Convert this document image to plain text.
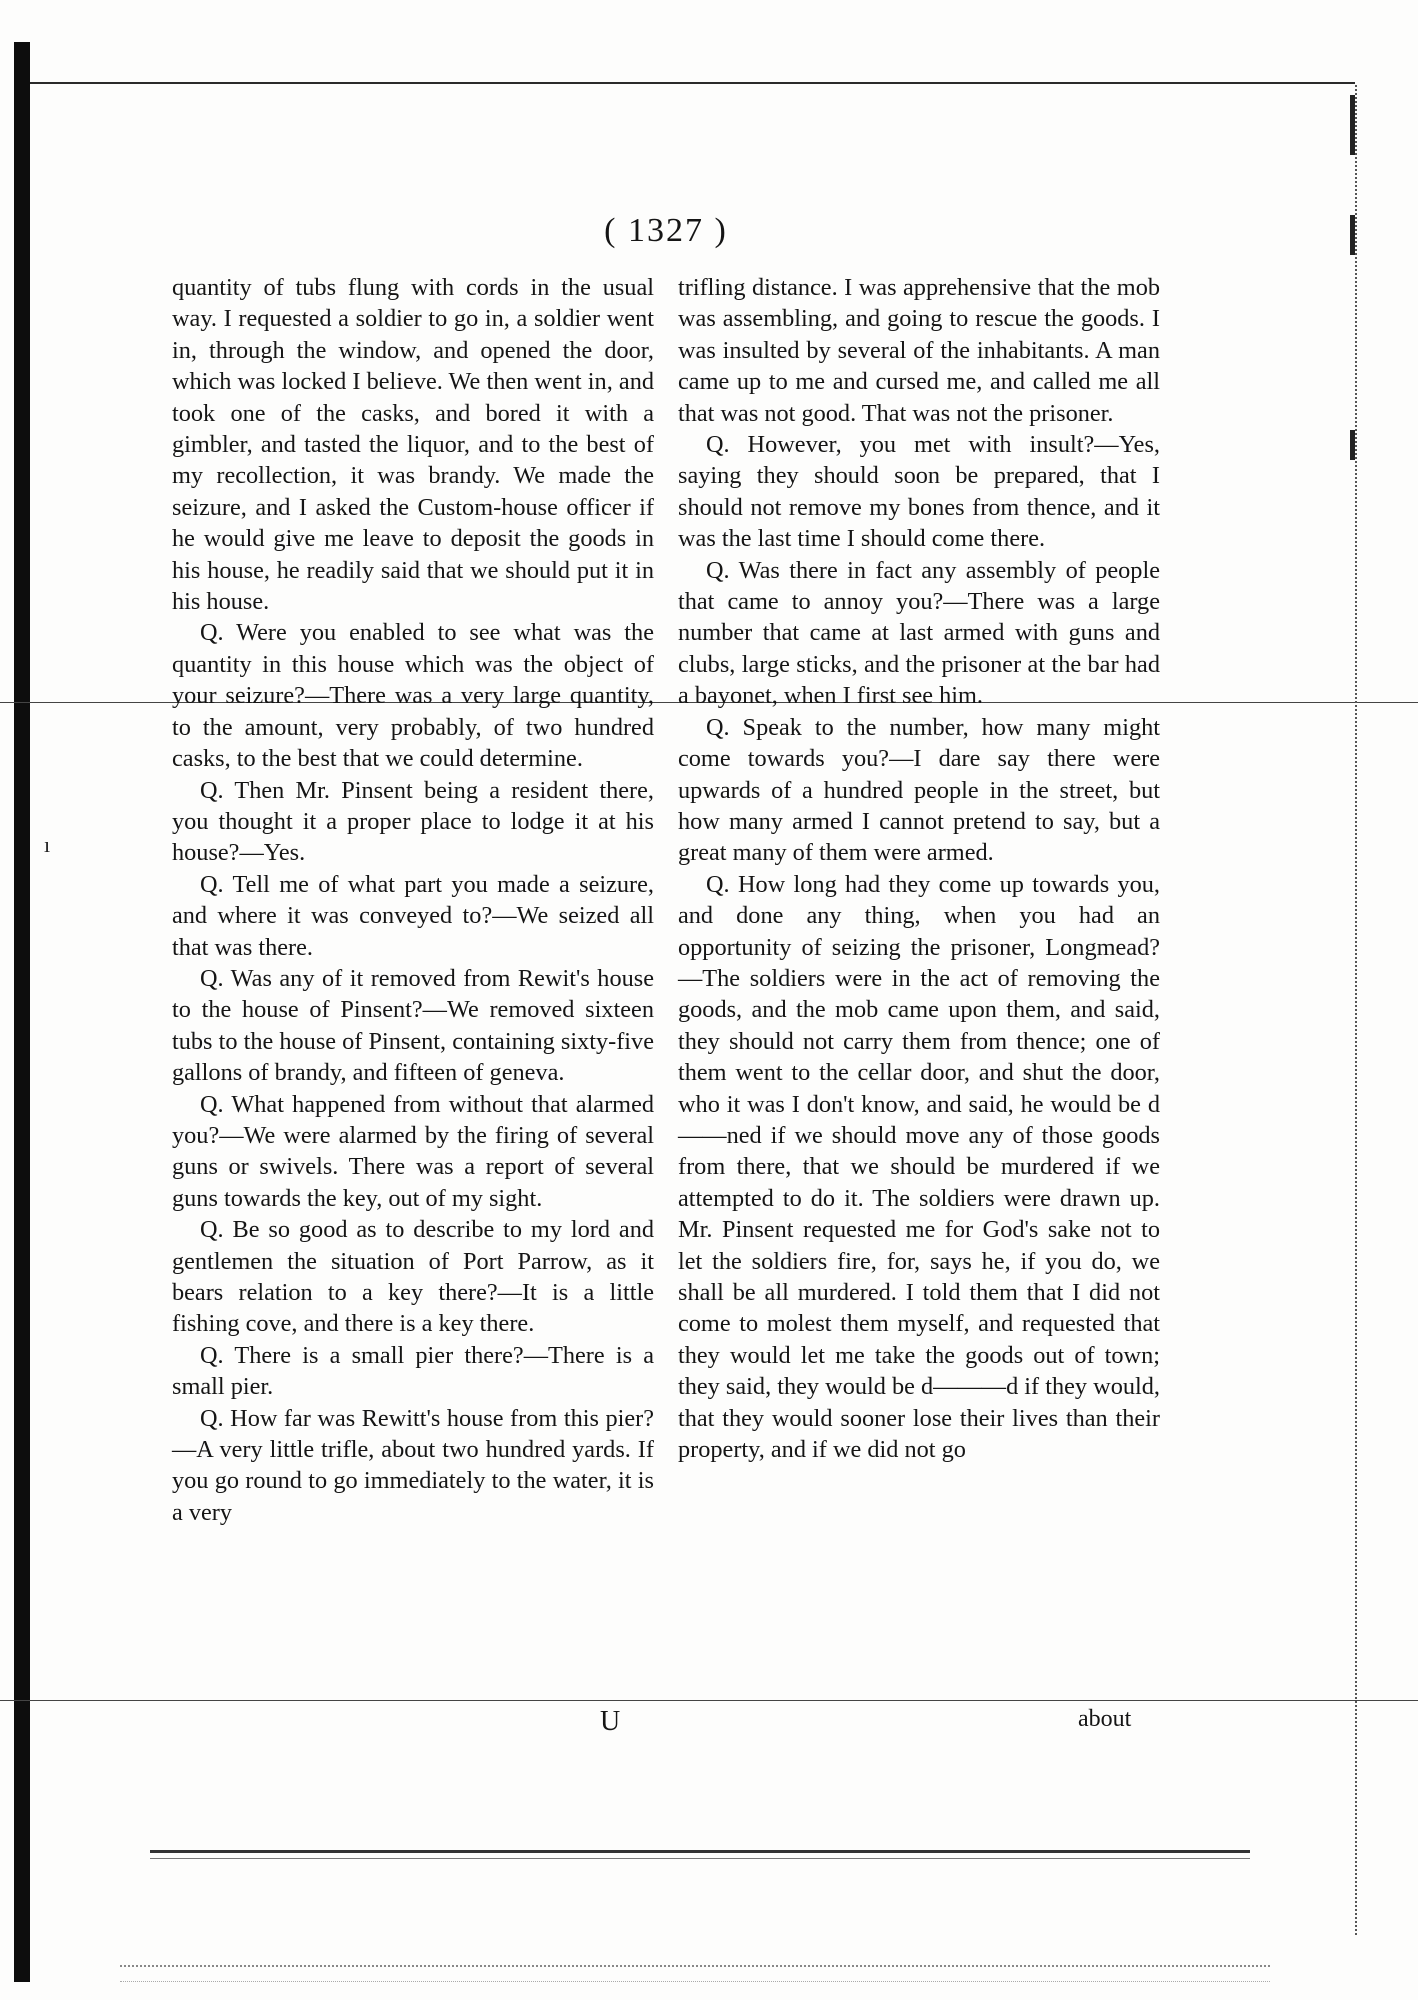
ı
( 1327 )

quantity of tubs flung with cords in the usual way. I requested a soldier to go in, a soldier went in, through the window, and opened the door, which was locked I believe. We then went in, and took one of the casks, and bored it with a gimbler, and tasted the liquor, and to the best of my recollection, it was brandy. We made the seizure, and I asked the Custom-house officer if he would give me leave to deposit the goods in his house, he readily said that we should put it in his house.

Q. Were you enabled to see what was the quantity in this house which was the object of your seizure?—There was a very large quantity, to the amount, very probably, of two hundred casks, to the best that we could determine.

Q. Then Mr. Pinsent being a resident there, you thought it a proper place to lodge it at his house?—Yes.

Q. Tell me of what part you made a seizure, and where it was conveyed to?—We seized all that was there.

Q. Was any of it removed from Rewit's house to the house of Pinsent?—We removed sixteen tubs to the house of Pinsent, containing sixty-five gallons of brandy, and fifteen of geneva.

Q. What happened from without that alarmed you?—We were alarmed by the firing of several guns or swivels. There was a report of several guns towards the key, out of my sight.

Q. Be so good as to describe to my lord and gentlemen the situation of Port Parrow, as it bears relation to a key there?—It is a little fishing cove, and there is a key there.

Q. There is a small pier there?—There is a small pier.

Q. How far was Rewitt's house from this pier?—A very little trifle, about two hundred yards. If you go round to go immediately to the water, it is a very

trifling distance. I was apprehensive that the mob was assembling, and going to rescue the goods. I was insulted by several of the inhabitants. A man came up to me and cursed me, and called me all that was not good. That was not the prisoner.

Q. However, you met with insult?—Yes, saying they should soon be prepared, that I should not remove my bones from thence, and it was the last time I should come there.

Q. Was there in fact any assembly of people that came to annoy you?—There was a large number that came at last armed with guns and clubs, large sticks, and the prisoner at the bar had a bayonet, when I first see him.

Q. Speak to the number, how many might come towards you?—I dare say there were upwards of a hundred people in the street, but how many armed I cannot pretend to say, but a great many of them were armed.

Q. How long had they come up towards you, and done any thing, when you had an opportunity of seizing the prisoner, Longmead?—The soldiers were in the act of removing the goods, and the mob came upon them, and said, they should not carry them from thence; one of them went to the cellar door, and shut the door, who it was I don't know, and said, he would be d——ned if we should move any of those goods from there, that we should be murdered if we attempted to do it. The soldiers were drawn up. Mr. Pinsent requested me for God's sake not to let the soldiers fire, for, says he, if you do, we shall be all murdered. I told them that I did not come to molest them myself, and requested that they would let me take the goods out of town; they said, they would be d———d if they would, that they would sooner lose their lives than their property, and if we did not go

U	about
